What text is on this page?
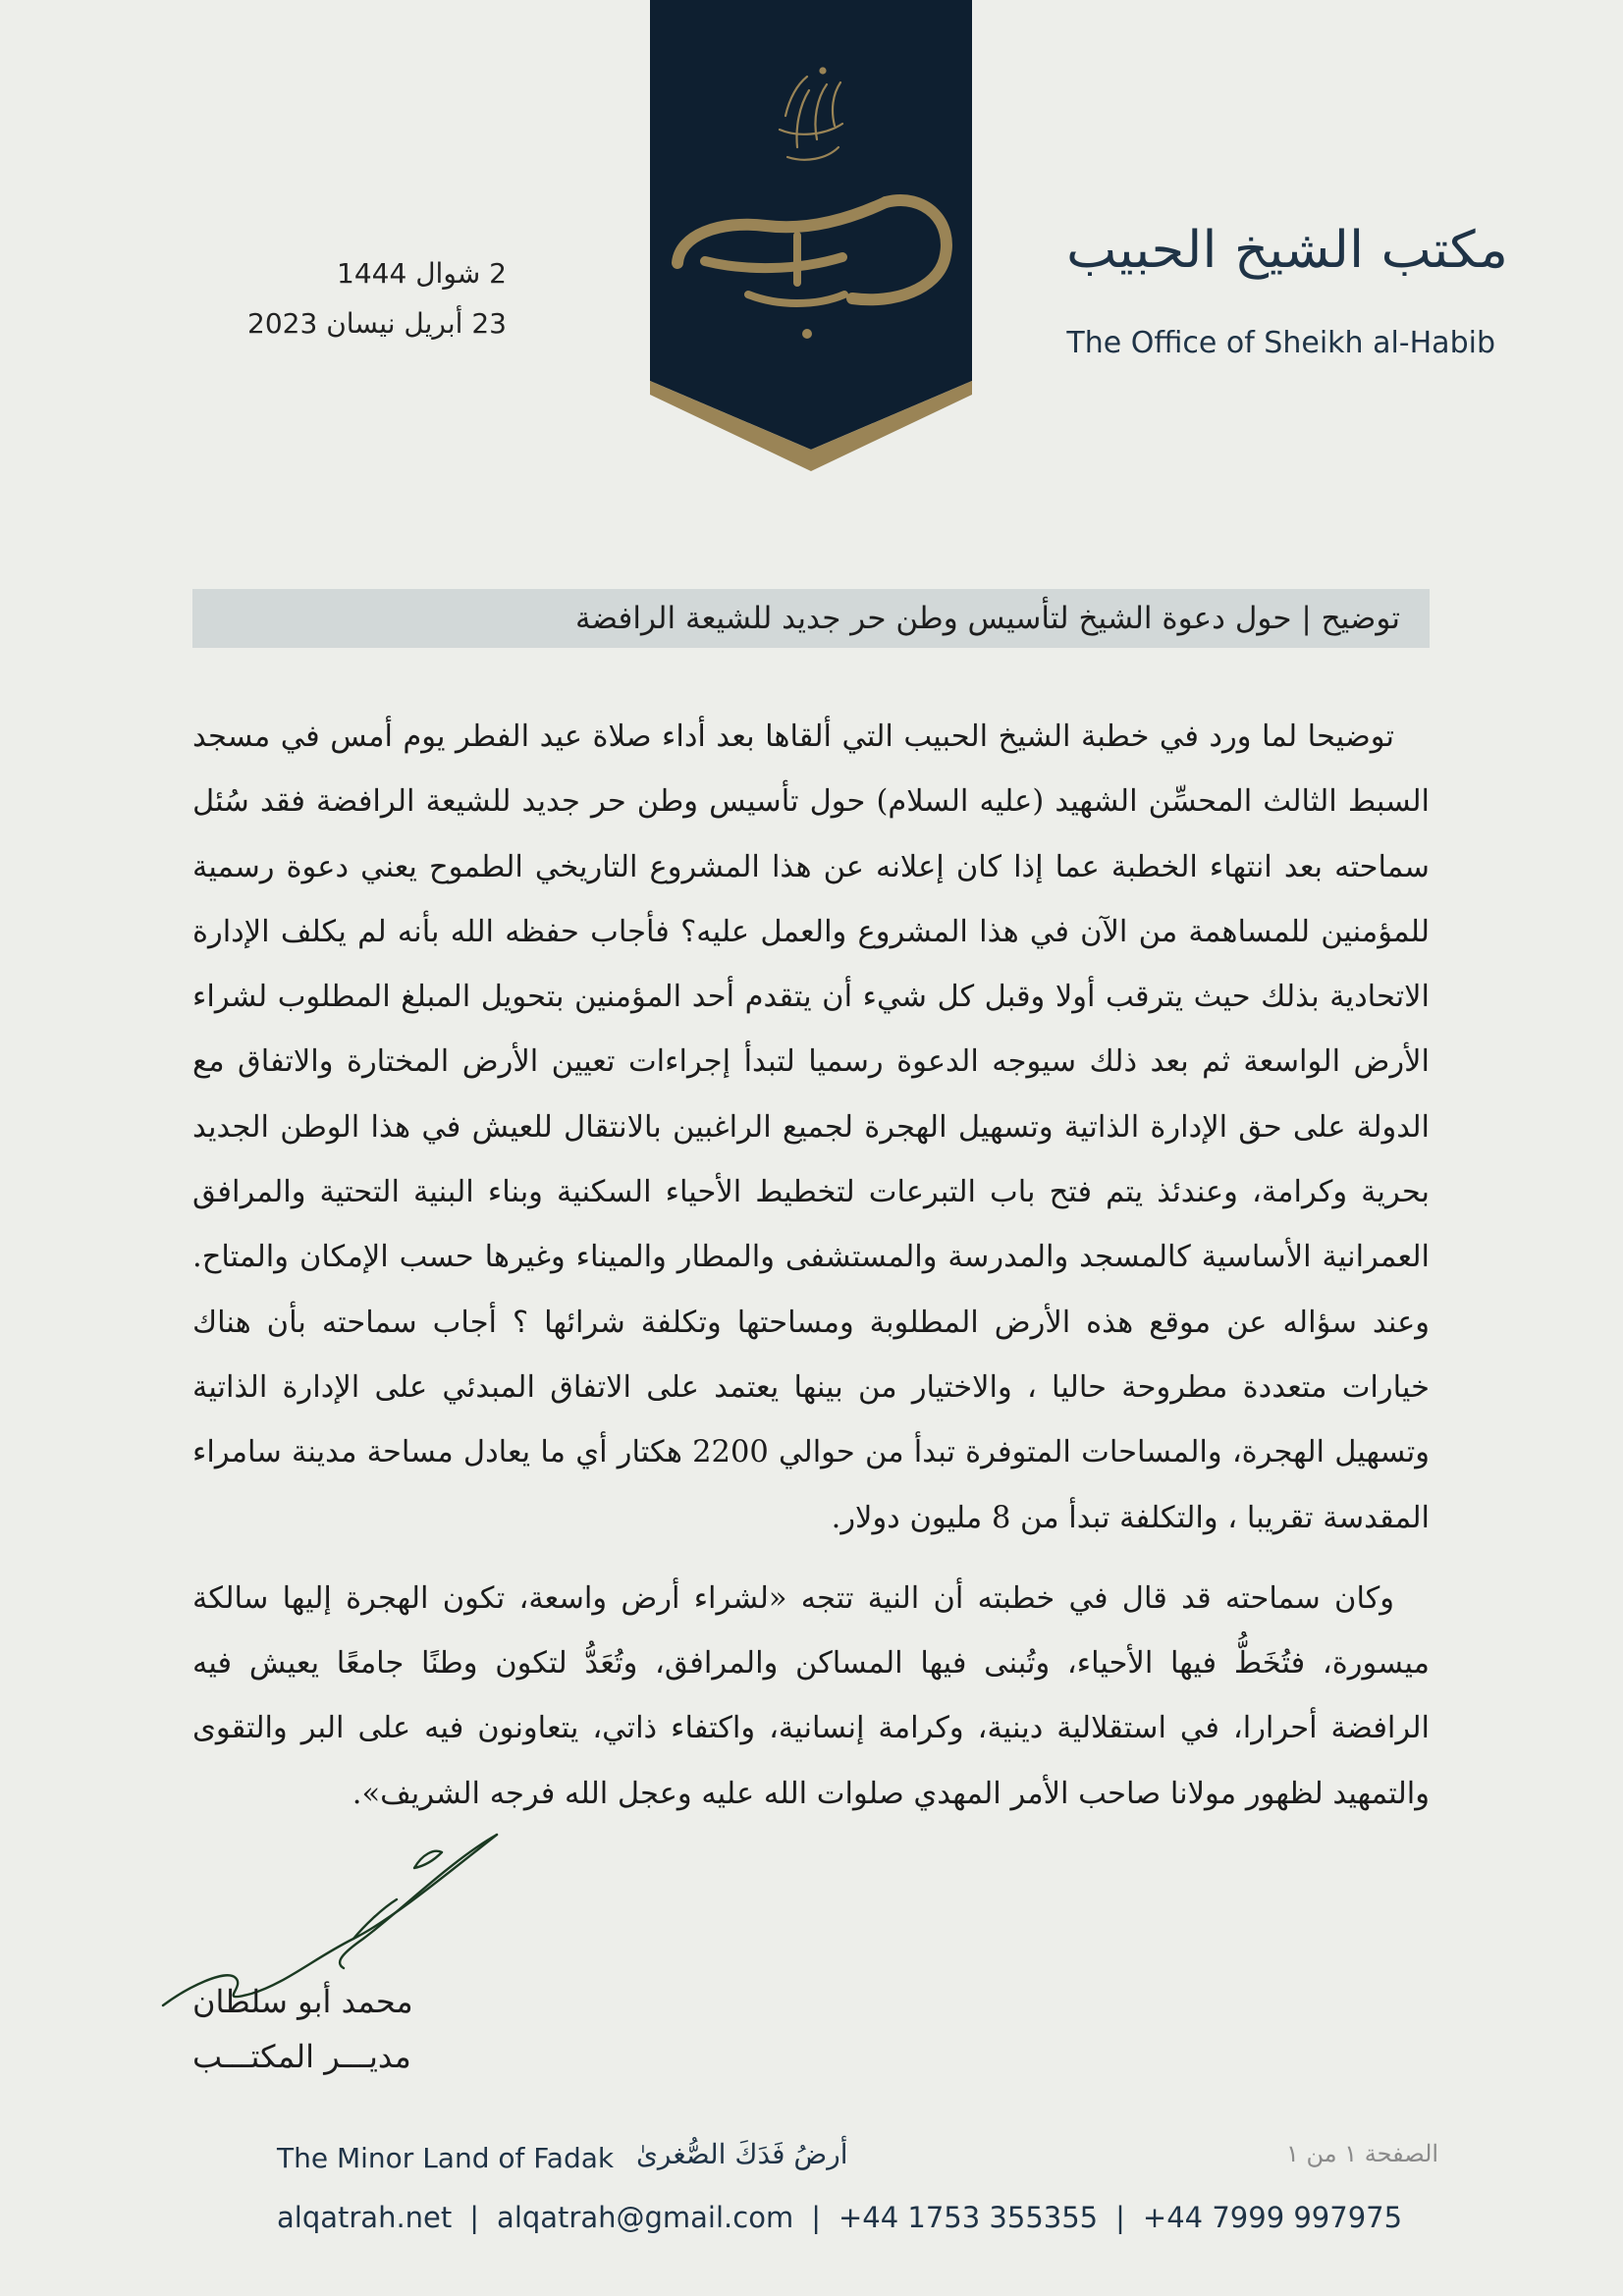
مكتب الشيخ الحبيب
The Office of Sheikh al-Habib
2 شوال 1444
23 أبريل نيسان 2023
توضيح | حول دعوة الشيخ لتأسيس وطن حر جديد للشيعة الرافضة

توضيحا لما ورد في خطبة الشيخ الحبيب التي ألقاها بعد أداء صلاة عيد الفطر يوم أمس في مسجد السبط الثالث المحسِّن الشهيد (عليه السلام) حول تأسيس وطن حر جديد للشيعة الرافضة فقد سُئل سماحته بعد انتهاء الخطبة عما إذا كان إعلانه عن هذا المشروع التاريخي الطموح يعني دعوة رسمية للمؤمنين للمساهمة من الآن في هذا المشروع والعمل عليه؟ فأجاب حفظه الله بأنه لم يكلف الإدارة الاتحادية بذلك حيث يترقب أولا وقبل كل شيء أن يتقدم أحد المؤمنين بتحويل المبلغ المطلوب لشراء الأرض الواسعة ثم بعد ذلك سيوجه الدعوة رسميا لتبدأ إجراءات تعيين الأرض المختارة والاتفاق مع الدولة على حق الإدارة الذاتية وتسهيل الهجرة لجميع الراغبين بالانتقال للعيش في هذا الوطن الجديد بحرية وكرامة، وعندئذ يتم فتح باب التبرعات لتخطيط الأحياء السكنية وبناء البنية التحتية والمرافق العمرانية الأساسية كالمسجد والمدرسة والمستشفى والمطار والميناء وغيرها حسب الإمكان والمتاح. وعند سؤاله عن موقع هذه الأرض المطلوبة ومساحتها وتكلفة شرائها ؟ أجاب سماحته بأن هناك خيارات متعددة مطروحة حاليا ، والاختيار من بينها يعتمد على الاتفاق المبدئي على الإدارة الذاتية وتسهيل الهجرة، والمساحات المتوفرة تبدأ من حوالي 2200 هكتار أي ما يعادل مساحة مدينة سامراء المقدسة تقريبا ، والتكلفة تبدأ من 8 مليون دولار.

وكان سماحته قد قال في خطبته أن النية تتجه «لشراء أرض واسعة، تكون الهجرة إليها سالكة ميسورة، فتُخَطُّ فيها الأحياء، وتُبنى فيها المساكن والمرافق، وتُعَدُّ لتكون وطنًا جامعًا يعيش فيه الرافضة أحرارا، في استقلالية دينية، وكرامة إنسانية، واكتفاء ذاتي، يتعاونون فيه على البر والتقوى والتمهيد لظهور مولانا صاحب الأمر المهدي صلوات الله عليه وعجل الله فرجه الشريف».

محمد أبو سلطان
مديـــر المكتـــب
The Minor Land of Fadak أرضُ فَدَكَ الصُّغرىٰ	الصفحة ١ من ١
alqatrah.net | alqatrah@gmail.com | +44 1753 355355 | +44 7999 997975
